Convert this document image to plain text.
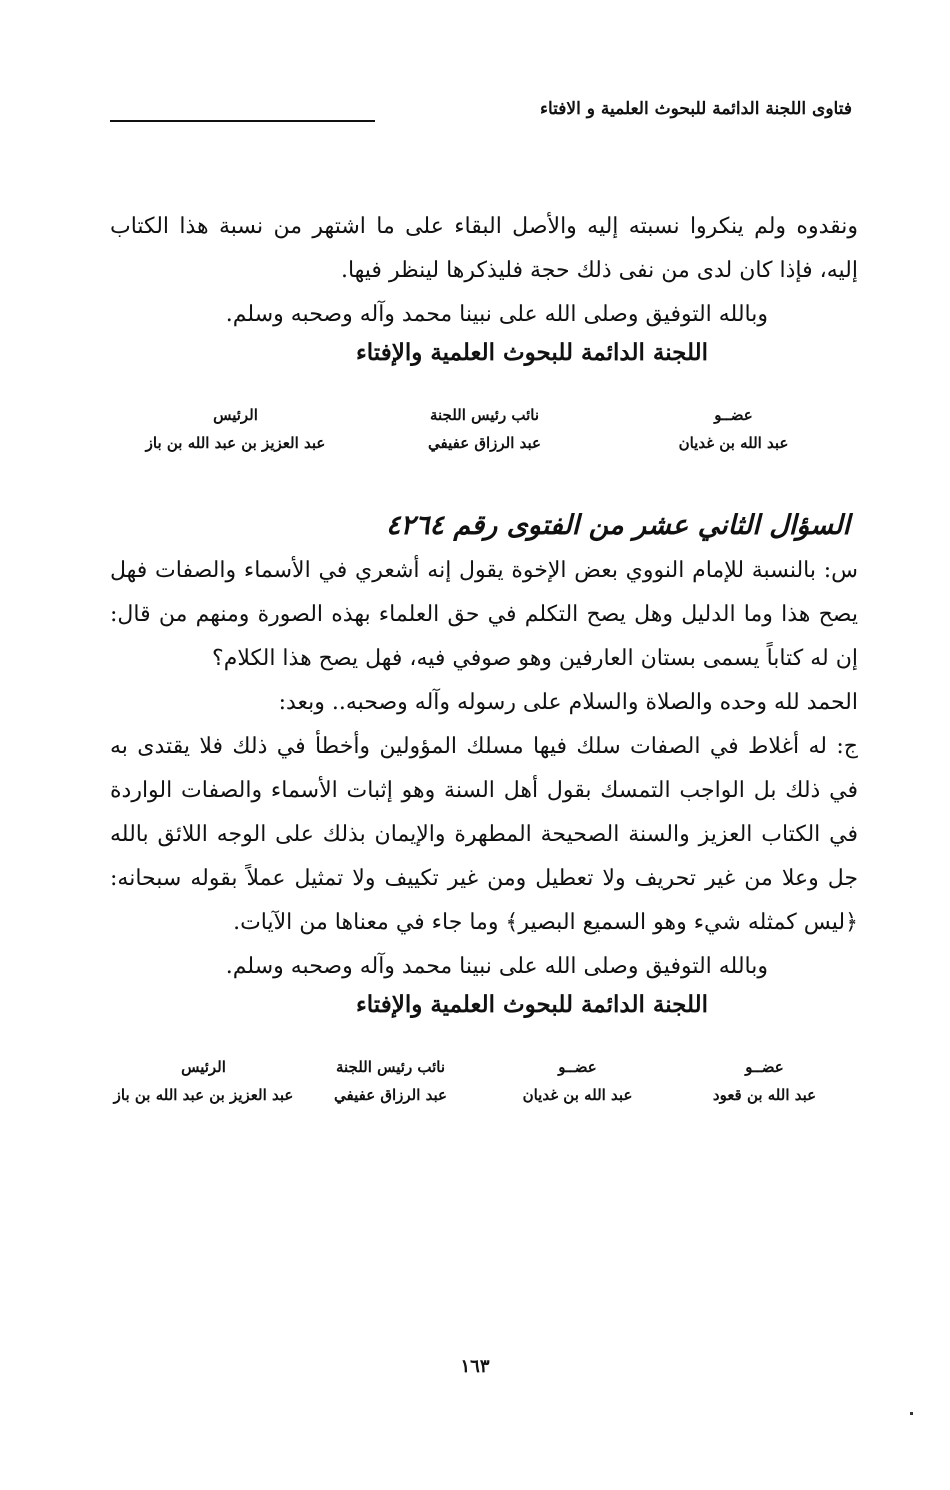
فتاوى اللجنة الدائمة للبحوث العلمية و الافتاء

ونقدوه ولم ينكروا نسبته إليه والأصل البقاء على ما اشتهر من نسبة هذا الكتاب إليه، فإذا كان لدى من نفى ذلك حجة فليذكرها لينظر فيها.

وبالله التوفيق وصلى الله على نبينا محمد وآله وصحبه وسلم.
اللجنة الدائمة للبحوث العلمية والإفتاء
عضــو
عبد الله بن غديان
نائب رئيس اللجنة
عبد الرزاق عفيفي
الرئيس
عبد العزيز بن عبد الله بن باز
السؤال الثاني عشر من الفتوى رقم ٤٢٦٤

س: بالنسبة للإمام النووي بعض الإخوة يقول إنه أشعري في الأسماء والصفات فهل يصح هذا وما الدليل وهل يصح التكلم في حق العلماء بهذه الصورة ومنهم من قال: إن له كتاباً يسمى بستان العارفين وهو صوفي فيه، فهل يصح هذا الكلام؟

الحمد لله وحده والصلاة والسلام على رسوله وآله وصحبه.. وبعد:

ج: له أغلاط في الصفات سلك فيها مسلك المؤولين وأخطأ في ذلك فلا يقتدى به في ذلك بل الواجب التمسك بقول أهل السنة وهو إثبات الأسماء والصفات الواردة في الكتاب العزيز والسنة الصحيحة المطهرة والإيمان بذلك على الوجه اللائق بالله جل وعلا من غير تحريف ولا تعطيل ومن غير تكييف ولا تمثيل عملاً بقوله سبحانه: ﴿ليس كمثله شيء وهو السميع البصير﴾ وما جاء في معناها من الآيات.

وبالله التوفيق وصلى الله على نبينا محمد وآله وصحبه وسلم.
اللجنة الدائمة للبحوث العلمية والإفتاء
عضــو
عبد الله بن قعود
عضــو
عبد الله بن غديان
نائب رئيس اللجنة
عبد الرزاق عفيفي
الرئيس
عبد العزيز بن عبد الله بن باز
١٦٣
